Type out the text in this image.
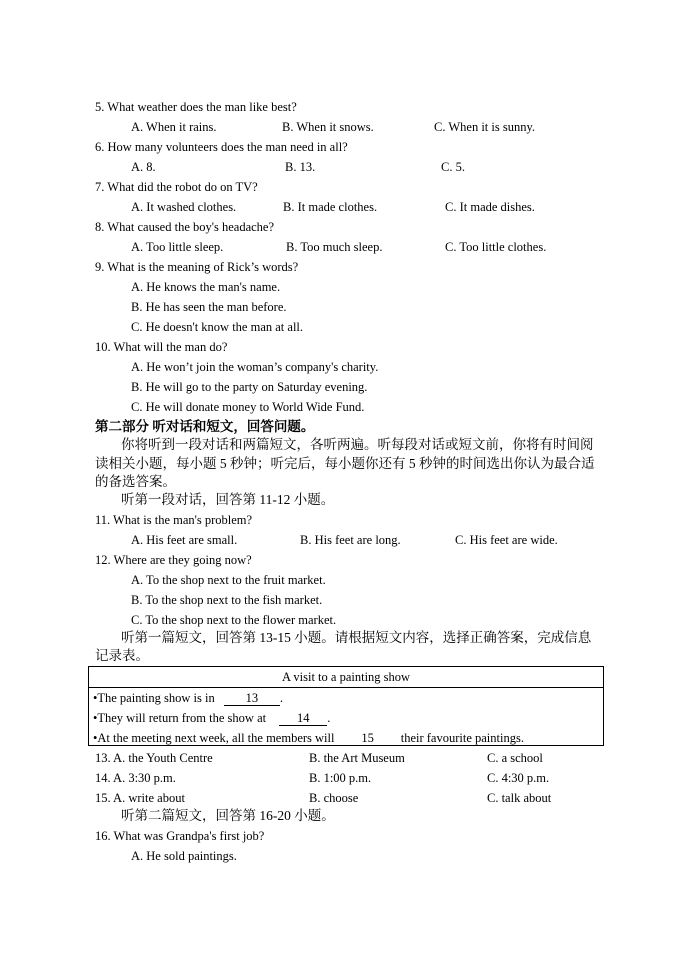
5. What weather does the man like best?
A. When it rains.	B. When it snows.	C. When it is sunny.
6. How many volunteers does the man need in all?
A. 8.	B. 13.	C. 5.
7. What did the robot do on TV?
A. It washed clothes.	B. It made clothes.	C. It made dishes.
8. What caused the boy's headache?
A. Too little sleep.	B. Too much sleep.	C. Too little clothes.
9. What is the meaning of Rick’s words?
A. He knows the man's name.
B. He has seen the man before.
C. He doesn't know the man at all.
10. What will the man do?
A. He won’t join the woman’s company's charity.
B. He will go to the party on Saturday evening.
C. He will donate money to World Wide Fund.
第二部分 听对话和短文，回答问题。
你将听到一段对话和两篇短文，各听两遍。听每段对话或短文前，你将有时间阅
读相关小题，每小题 5 秒钟；听完后，每小题你还有 5 秒钟的时间选出你认为最合适
的备选答案。
听第一段对话，回答第 11-12 小题。
11. What is the man's problem?
A. His feet are small.	B. His feet are long.	C. His feet are wide.
12. Where are they going now?
A. To the shop next to the fruit market.
B. To the shop next to the fish market.
C. To the shop next to the flower market.
听第一篇短文，回答第 13-15 小题。请根据短文内容，选择正确答案，完成信息
记录表。
A visit to a painting show
•The painting show is in 13 .
•They will return from the show at 14 .
•At the meeting next week, all the members will 15 their favourite paintings.
13. A. the Youth Centre	B. the Art Museum	C. a school
14. A. 3:30 p.m.	B. 1:00 p.m.	C. 4:30 p.m.
15. A. write about	B. choose	C. talk about
听第二篇短文，回答第 16-20 小题。
16. What was Grandpa's first job?
A. He sold paintings.
